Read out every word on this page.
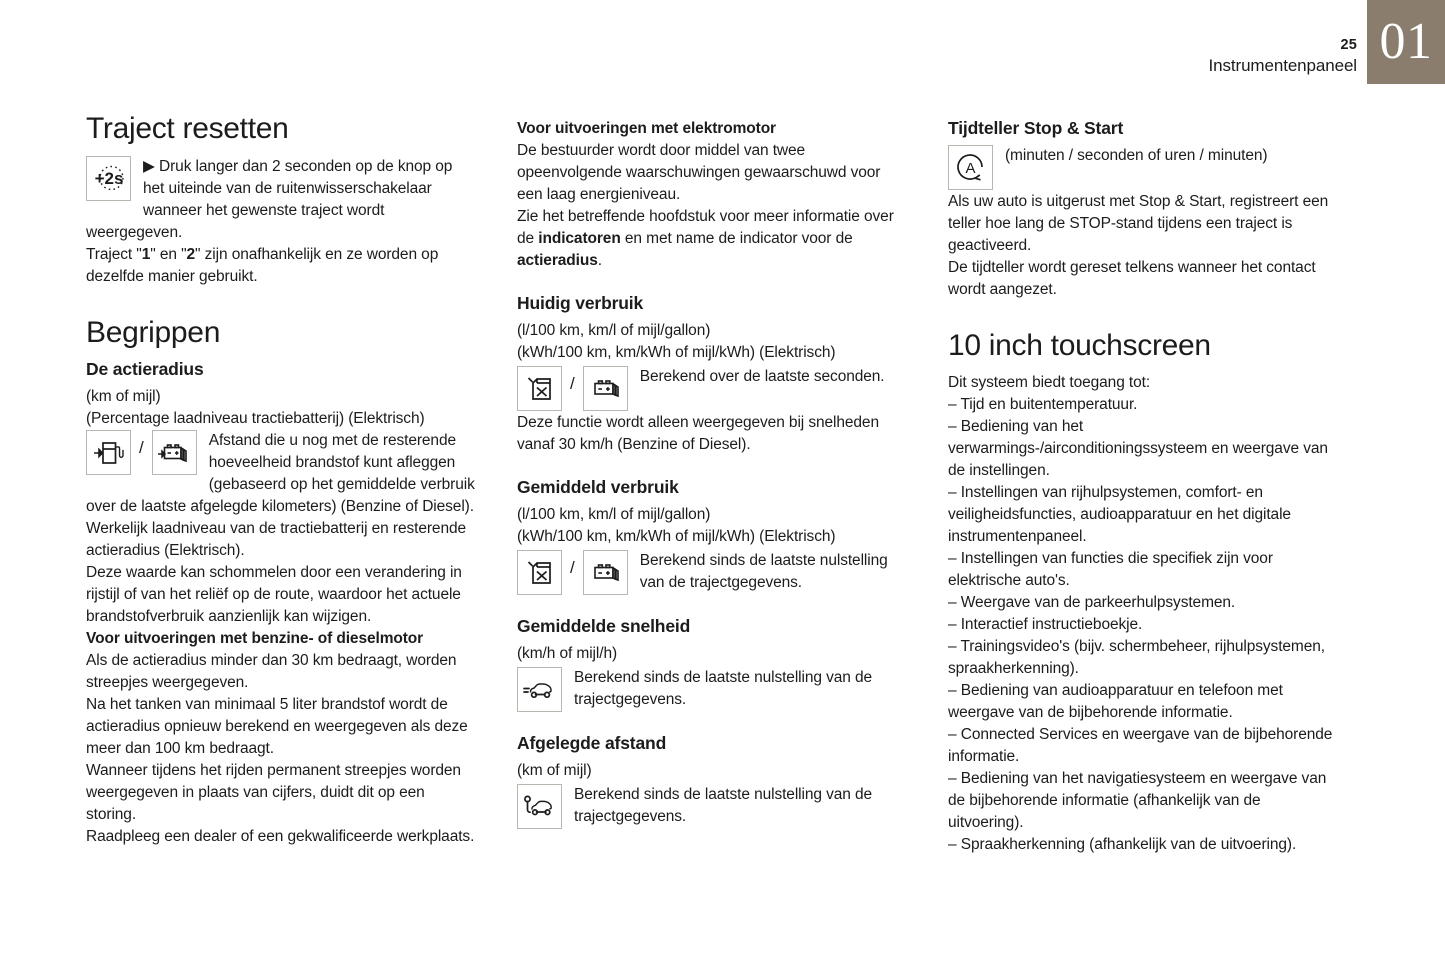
25
Instrumentenpaneel 01
Traject resetten
+2s

▶ Druk langer dan 2 seconden op de knop op het uiteinde van de ruitenwisserschakelaar wanneer het gewenste traject wordt weergegeven.

Traject "1" en "2" zijn onafhankelijk en ze worden op dezelfde manier gebruikt.

Begrippen
De actieradius

(km of mijl)

(Percentage laadniveau tractiebatterij) (Elektrisch)

/	Afstand die u nog met de resterende hoeveelheid brandstof kunt afleggen (gebaseerd op het gemiddelde verbruik over de laatste afgelegde kilometers) (Benzine of Diesel).

Werkelijk laadniveau van de tractiebatterij en resterende actieradius (Elektrisch).

Deze waarde kan schommelen door een verandering in rijstijl of van het reliëf op de route, waardoor het actuele brandstofverbruik aanzienlijk kan wijzigen.

Voor uitvoeringen met benzine- of dieselmotor

Als de actieradius minder dan 30 km bedraagt, worden streepjes weergegeven.

Na het tanken van minimaal 5 liter brandstof wordt de actieradius opnieuw berekend en weergegeven als deze meer dan 100 km bedraagt.

Wanneer tijdens het rijden permanent streepjes worden weergegeven in plaats van cijfers, duidt dit op een storing.

Raadpleeg een dealer of een gekwalificeerde werkplaats.

Voor uitvoeringen met elektromotor

De bestuurder wordt door middel van twee opeenvolgende waarschuwingen gewaarschuwd voor een laag energieniveau.

Zie het betreffende hoofdstuk voor meer informatie over de indicatoren en met name de indicator voor de actieradius.

Huidig verbruik

(l/100 km, km/l of mijl/gallon)

(kWh/100 km, km/kWh of mijl/kWh) (Elektrisch)

/	Berekend over de laatste seconden.

Deze functie wordt alleen weergegeven bij snelheden vanaf 30 km/h (Benzine of Diesel).

Gemiddeld verbruik

(l/100 km, km/l of mijl/gallon)

(kWh/100 km, km/kWh of mijl/kWh) (Elektrisch)

/	Berekend sinds de laatste nulstelling van de trajectgegevens.
Gemiddelde snelheid

(km/h of mijl/h)

Berekend sinds de laatste nulstelling van de trajectgegevens.
Afgelegde afstand

(km of mijl)

Berekend sinds de laatste nulstelling van de trajectgegevens.
Tijdteller Stop & Start
A
(minuten / seconden of uren / minuten)

Als uw auto is uitgerust met Stop & Start, registreert een teller hoe lang de STOP-stand tijdens een traject is geactiveerd.

De tijdteller wordt gereset telkens wanneer het contact wordt aangezet.

10 inch touchscreen

Dit systeem biedt toegang tot:

– Tijd en buitentemperatuur.

– Bediening van het verwarmings-/airconditioningssysteem en weergave van de instellingen.

– Instellingen van rijhulpsystemen, comfort- en veiligheidsfuncties, audioapparatuur en het digitale instrumentenpaneel.

– Instellingen van functies die specifiek zijn voor elektrische auto's.

– Weergave van de parkeerhulpsystemen.

– Interactief instructieboekje.

– Trainingsvideo's (bijv. schermbeheer, rijhulpsystemen, spraakherkenning).

– Bediening van audioapparatuur en telefoon met weergave van de bijbehorende informatie.

– Connected Services en weergave van de bijbehorende informatie.

– Bediening van het navigatiesysteem en weergave van de bijbehorende informatie (afhankelijk van de uitvoering).

– Spraakherkenning (afhankelijk van de uitvoering).
